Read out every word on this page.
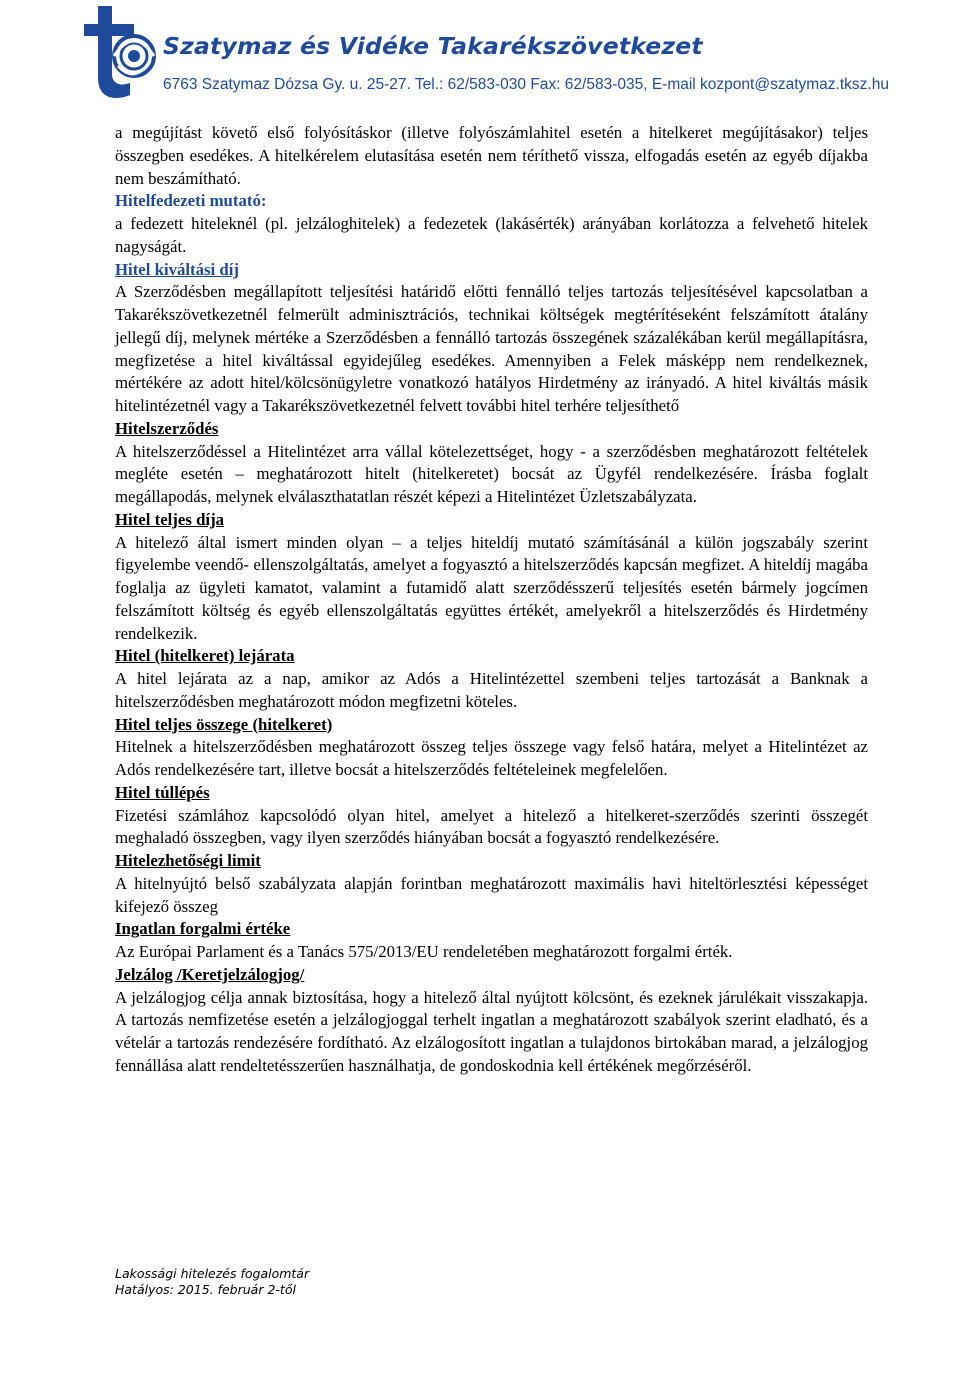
Szatymaz és Vidéke Takarékszövetkezet
6763 Szatymaz Dózsa Gy. u. 25-27. Tel.: 62/583-030 Fax: 62/583-035, E-mail kozpont@szatymaz.tksz.hu

a megújítást követő első folyósításkor (illetve folyószámlahitel esetén a hitelkeret megújításakor) teljes összegben esedékes. A hitelkérelem elutasítása esetén nem téríthető vissza, elfogadás esetén az egyéb díjakba nem beszámítható.

Hitelfedezeti mutató:

a fedezett hiteleknél (pl. jelzáloghitelek) a fedezetek (lakásérték) arányában korlátozza a felvehető hitelek nagyságát.

Hitel kiváltási díj

A Szerződésben megállapított teljesítési határidő előtti fennálló teljes tartozás teljesítésével kapcsolatban a Takarékszövetkezetnél felmerült adminisztrációs, technikai költségek megtérítéseként felszámított átalány jellegű díj, melynek mértéke a Szerződésben a fennálló tartozás összegének százalékában kerül megállapításra, megfizetése a hitel kiváltással egyidejűleg esedékes. Amennyiben a Felek másképp nem rendelkeznek, mértékére az adott hitel/kölcsönügyletre vonatkozó hatályos Hirdetmény az irányadó. A hitel kiváltás másik hitelintézetnél vagy a Takarékszövetkezetnél felvett további hitel terhére teljesíthető

Hitelszerződés

A hitelszerződéssel a Hitelintézet arra vállal kötelezettséget, hogy - a szerződésben meghatározott feltételek megléte esetén – meghatározott hitelt (hitelkeretet) bocsát az Ügyfél rendelkezésére. Írásba foglalt megállapodás, melynek elválaszthatatlan részét képezi a Hitelintézet Üzletszabályzata.

Hitel teljes díja

A hitelező által ismert minden olyan – a teljes hiteldíj mutató számításánál a külön jogszabály szerint figyelembe veendő- ellenszolgáltatás, amelyet a fogyasztó a hitelszerződés kapcsán megfizet. A hiteldíj magába foglalja az ügyleti kamatot, valamint a futamidő alatt szerződésszerű teljesítés esetén bármely jogcímen felszámított költség és egyéb ellenszolgáltatás együttes értékét, amelyekről a hitelszerződés és Hirdetmény rendelkezik.

Hitel (hitelkeret) lejárata

A hitel lejárata az a nap, amikor az Adós a Hitelintézettel szembeni teljes tartozását a Banknak a hitelszerződésben meghatározott módon megfizetni köteles.

Hitel teljes összege (hitelkeret)

Hitelnek a hitelszerződésben meghatározott összeg teljes összege vagy felső határa, melyet a Hitelintézet az Adós rendelkezésére tart, illetve bocsát a hitelszerződés feltételeinek megfelelően.

Hitel túllépés

Fizetési számlához kapcsolódó olyan hitel, amelyet a hitelező a hitelkeret-szerződés szerinti összegét meghaladó összegben, vagy ilyen szerződés hiányában bocsát a fogyasztó rendelkezésére.

Hitelezhetőségi limit

A hitelnyújtó belső szabályzata alapján forintban meghatározott maximális havi hiteltörlesztési képességet kifejező összeg

Ingatlan forgalmi értéke

Az Európai Parlament és a Tanács 575/2013/EU rendeletében meghatározott forgalmi érték.

Jelzálog /Keretjelzálogjog/

A jelzálogjog célja annak biztosítása, hogy a hitelező által nyújtott kölcsönt, és ezeknek járulékait visszakapja. A tartozás nemfizetése esetén a jelzálogjoggal terhelt ingatlan a meghatározott szabályok szerint eladható, és a vételár a tartozás rendezésére fordítható. Az elzálogosított ingatlan a tulajdonos birtokában marad, a jelzálogjog fennállása alatt rendeltetésszerűen használhatja, de gondoskodnia kell értékének megőrzéséről.

Lakossági hitelezés fogalomtár
Hatályos: 2015. február 2-től
